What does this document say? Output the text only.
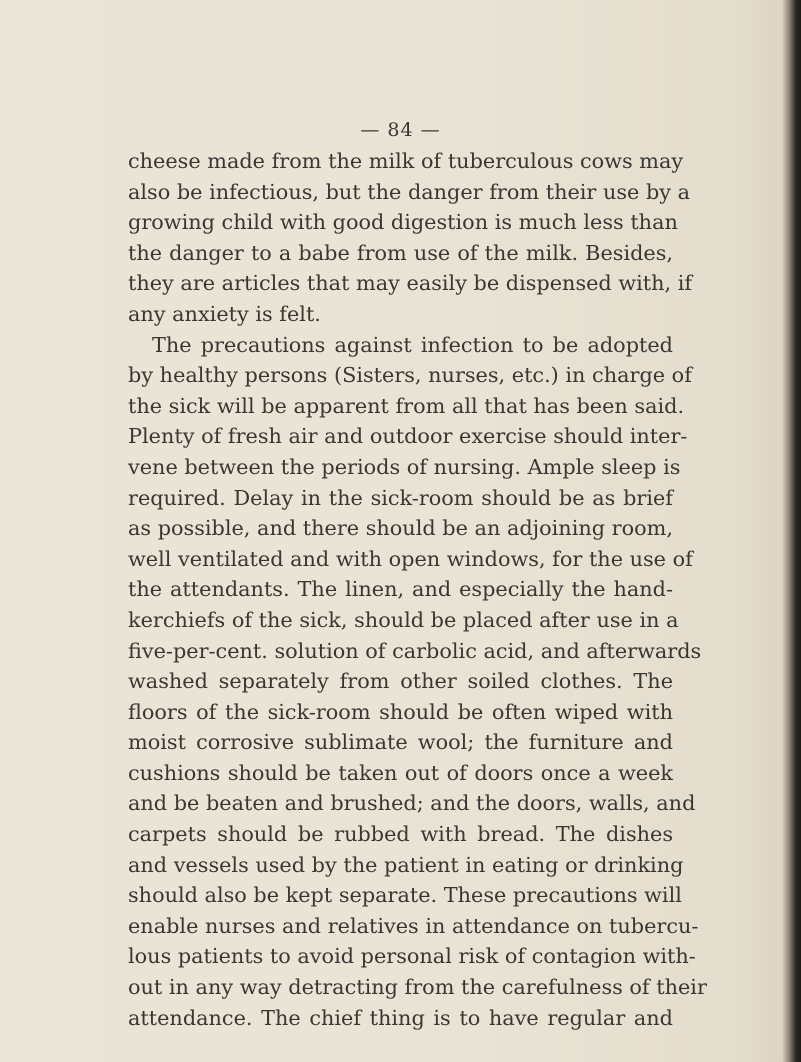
— 84 —
cheese made from the milk of tuberculous cows may
also be infectious, but the danger from their use by a
growing child with good digestion is much less than
the danger to a babe from use of the milk. Besides,
they are articles that may easily be dispensed with, if
any anxiety is felt.
The precautions against infection to be adopted
by healthy persons (Sisters, nurses, etc.) in charge of
the sick will be apparent from all that has been said.
Plenty of fresh air and outdoor exercise should inter-
vene between the periods of nursing. Ample sleep is
required. Delay in the sick-room should be as brief
as possible, and there should be an adjoining room,
well ventilated and with open windows, for the use of
the attendants. The linen, and especially the hand-
kerchiefs of the sick, should be placed after use in a
five-per-cent. solution of carbolic acid, and afterwards
washed separately from other soiled clothes. The
floors of the sick-room should be often wiped with
moist corrosive sublimate wool; the furniture and
cushions should be taken out of doors once a week
and be beaten and brushed; and the doors, walls, and
carpets should be rubbed with bread. The dishes
and vessels used by the patient in eating or drinking
should also be kept separate. These precautions will
enable nurses and relatives in attendance on tubercu-
lous patients to avoid personal risk of contagion with-
out in any way detracting from the carefulness of their
attendance. The chief thing is to have regular and
